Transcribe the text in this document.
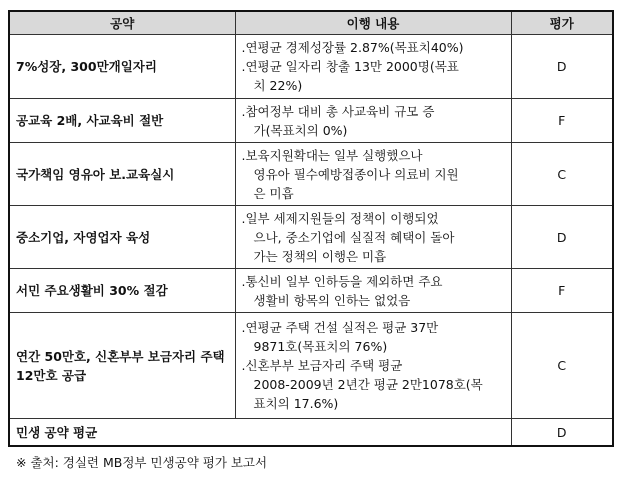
공약	이행 내용	평가
7%성장, 300만개일자리	.연평균 경제성장률 2.87%(목표치40%)
.연평균 일자리 창출 13만 2000명(목표
치 22%)	D
공교육 2배, 사교육비 절반	.참여정부 대비 총 사교육비 규모 증
가(목표치의 0%)	F
국가책임 영유아 보.교육실시	.보육지원확대는 일부 실행했으나
영유아 필수예방접종이나 의료비 지원
은 미흡	C
중소기업, 자영업자 육성	.일부 세제지원들의 정책이 이행되었
으나, 중소기업에 실질적 혜택이 돌아
가는 정책의 이행은 미흡	D
서민 주요생활비 30% 절감	.통신비 일부 인하등을 제외하면 주요
생활비 항목의 인하는 없었음	F
연간 50만호, 신혼부부 보금자리 주택 12만호 공급	.연평균 주택 건설 실적은 평균 37만
9871호(목표치의 76%)
.신혼부부 보금자리 주택 평균
2008-2009년 2년간 평균 2만1078호(목
표치의 17.6%)	C
민생 공약 평균		D
※ 출처: 경실련 MB정부 민생공약 평가 보고서
